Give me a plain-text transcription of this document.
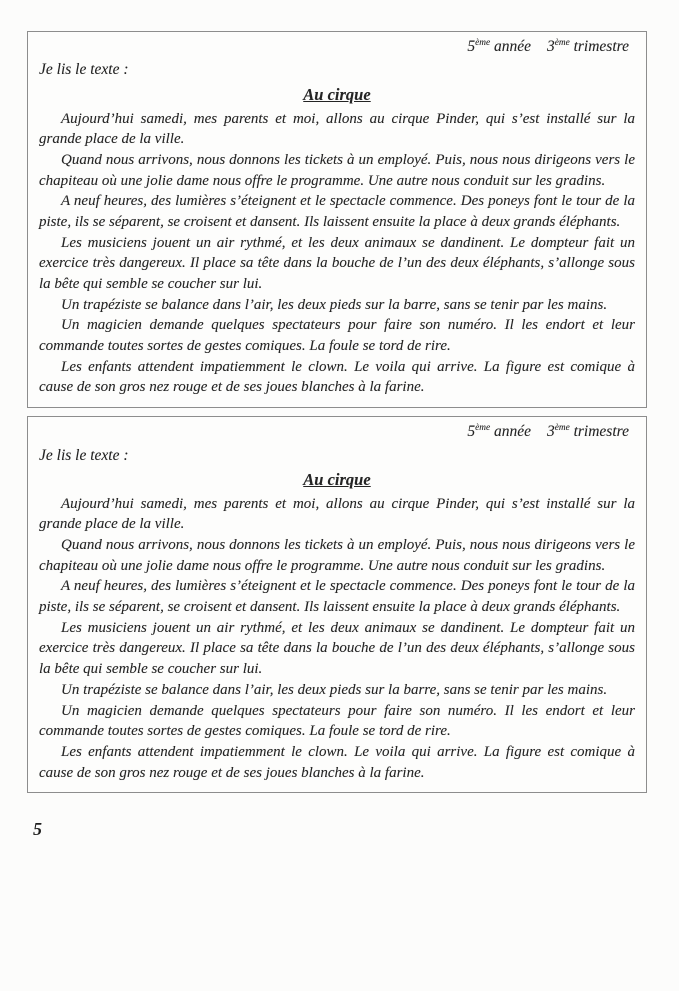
5ème année 3ème trimestre
Je lis le texte :
Au cirque

Aujourd’hui samedi, mes parents et moi, allons au cirque Pinder, qui s’est installé sur la grande place de la ville.

Quand nous arrivons, nous donnons les tickets à un employé. Puis, nous nous dirigeons vers le chapiteau où une jolie dame nous offre le programme. Une autre nous conduit sur les gradins.

A neuf heures, des lumières s’éteignent et le spectacle commence. Des poneys font le tour de la piste, ils se séparent, se croisent et dansent. Ils laissent ensuite la place à deux grands éléphants.

Les musiciens jouent un air rythmé, et les deux animaux se dandinent. Le dompteur fait un exercice très dangereux. Il place sa tête dans la bouche de l’un des deux éléphants, s’allonge sous la bête qui semble se coucher sur lui.

Un trapéziste se balance dans l’air, les deux pieds sur la barre, sans se tenir par les mains.

Un magicien demande quelques spectateurs pour faire son numéro. Il les endort et leur commande toutes sortes de gestes comiques. La foule se tord de rire.

Les enfants attendent impatiemment le clown. Le voila qui arrive. La figure est comique à cause de son gros nez rouge et de ses joues blanches à la farine.

5ème année 3ème trimestre
Je lis le texte :
Au cirque

Aujourd’hui samedi, mes parents et moi, allons au cirque Pinder, qui s’est installé sur la grande place de la ville.

Quand nous arrivons, nous donnons les tickets à un employé. Puis, nous nous dirigeons vers le chapiteau où une jolie dame nous offre le programme. Une autre nous conduit sur les gradins.

A neuf heures, des lumières s’éteignent et le spectacle commence. Des poneys font le tour de la piste, ils se séparent, se croisent et dansent. Ils laissent ensuite la place à deux grands éléphants.

Les musiciens jouent un air rythmé, et les deux animaux se dandinent. Le dompteur fait un exercice très dangereux. Il place sa tête dans la bouche de l’un des deux éléphants, s’allonge sous la bête qui semble se coucher sur lui.

Un trapéziste se balance dans l’air, les deux pieds sur la barre, sans se tenir par les mains.

Un magicien demande quelques spectateurs pour faire son numéro. Il les endort et leur commande toutes sortes de gestes comiques. La foule se tord de rire.

Les enfants attendent impatiemment le clown. Le voila qui arrive. La figure est comique à cause de son gros nez rouge et de ses joues blanches à la farine.

5
